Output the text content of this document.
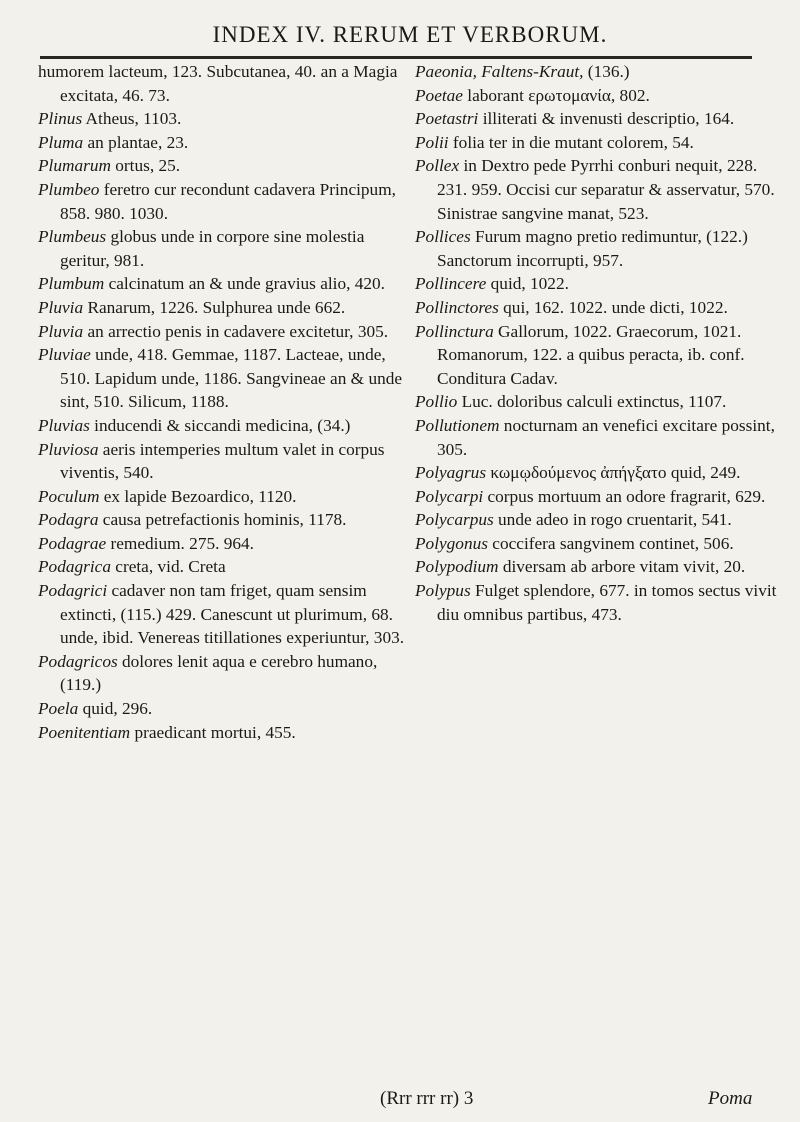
INDEX IV. RERUM ET VERBORUM.

humorem lacteum, 123. Subcutanea, 40. an a Magia excitata, 46. 73.

Plinus Atheus, 1103.

Pluma an plantae, 23.

Plumarum ortus, 25.

Plumbeo feretro cur recondunt cadavera Principum, 858. 980. 1030.

Plumbeus globus unde in corpore sine molestia geritur, 981.

Plumbum calcinatum an & unde gravius alio, 420.

Pluvia Ranarum, 1226. Sulphurea unde 662.

Pluvia an arrectio penis in cadavere excitetur, 305.

Pluviae unde, 418. Gemmae, 1187. Lacteae, unde, 510. Lapidum unde, 1186. Sangvineae an & unde sint, 510. Silicum, 1188.

Pluvias inducendi & siccandi medicina, (34.)

Pluviosa aeris intemperies multum valet in corpus viventis, 540.

Poculum ex lapide Bezoardico, 1120.

Podagra causa petrefactionis hominis, 1178.

Podagrae remedium. 275. 964.

Podagrica creta, vid. Creta

Podagrici cadaver non tam friget, quam sensim extincti, (115.) 429. Canescunt ut plurimum, 68. unde, ibid. Venereas titillationes experiuntur, 303.

Podagricos dolores lenit aqua e cerebro humano, (119.)

Poela quid, 296.

Poenitentiam praedicant mortui, 455.

Paeonia, Faltens-Kraut, (136.)

Poetae laborant ερωτομανία, 802.

Poetastri illiterati & invenusti descriptio, 164.

Polii folia ter in die mutant colorem, 54.

Pollex in Dextro pede Pyrrhi conburi nequit, 228. 231. 959. Occisi cur separatur & asservatur, 570. Sinistrae sangvine manat, 523.

Pollices Furum magno pretio redimuntur, (122.) Sanctorum incorrupti, 957.

Pollincere quid, 1022.

Pollinctores qui, 162. 1022. unde dicti, 1022.

Pollinctura Gallorum, 1022. Graecorum, 1021. Romanorum, 122. a quibus peracta, ib. conf. Conditura Cadav.

Pollio Luc. doloribus calculi extinctus, 1107.

Pollutionem nocturnam an venefici excitare possint, 305.

Polyagrus κωμῳδούμενος ἀπήγξατο quid, 249.

Polycarpi corpus mortuum an odore fragrarit, 629.

Polycarpus unde adeo in rogo cruentarit, 541.

Polygonus coccifera sangvinem continet, 506.

Polypodium diversam ab arbore vitam vivit, 20.

Polypus Fulget splendore, 677. in tomos sectus vivit diu omnibus partibus, 473.

(Rrr rrr rr) 3	Poma
